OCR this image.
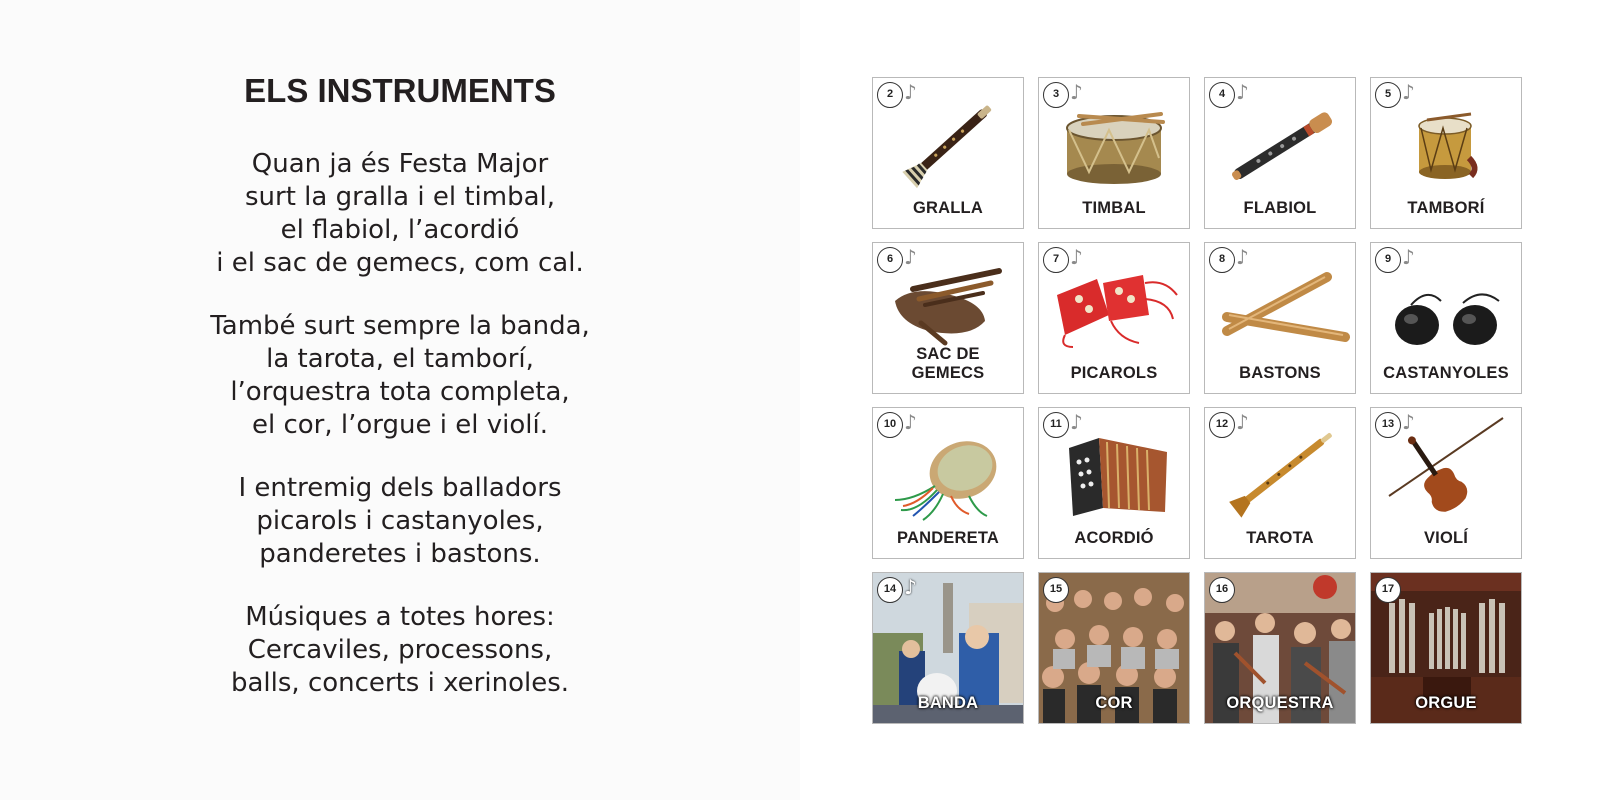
ELS INSTRUMENTS
Quan ja és Festa Major
surt la gralla i el timbal,
el flabiol, l’acordió
i el sac de gemecs, com cal.
També surt sempre la banda,
la tarota, el tamborí,
l’orquestra tota completa,
el cor, l’orgue i el violí.
I entremig dels balladors
picarols i castanyoles,
panderetes i bastons.
Músiques a totes hores:
Cercaviles, processons,
balls, concerts i xerinoles.
2 ♪
GRALLA
3 ♪
TIMBAL
4 ♪
FLABIOL
5 ♪
TAMBORÍ
6 ♪
SAC DE GEMECS
7 ♪
PICAROLS
8 ♪
BASTONS
9 ♪
CASTANYOLES
10 ♪
PANDERETA
11 ♪
ACORDIÓ
12 ♪
TAROTA
13 ♪
VIOLÍ
14 ♪
BANDA
15
COR
16
ORQUESTRA
17
ORGUE
